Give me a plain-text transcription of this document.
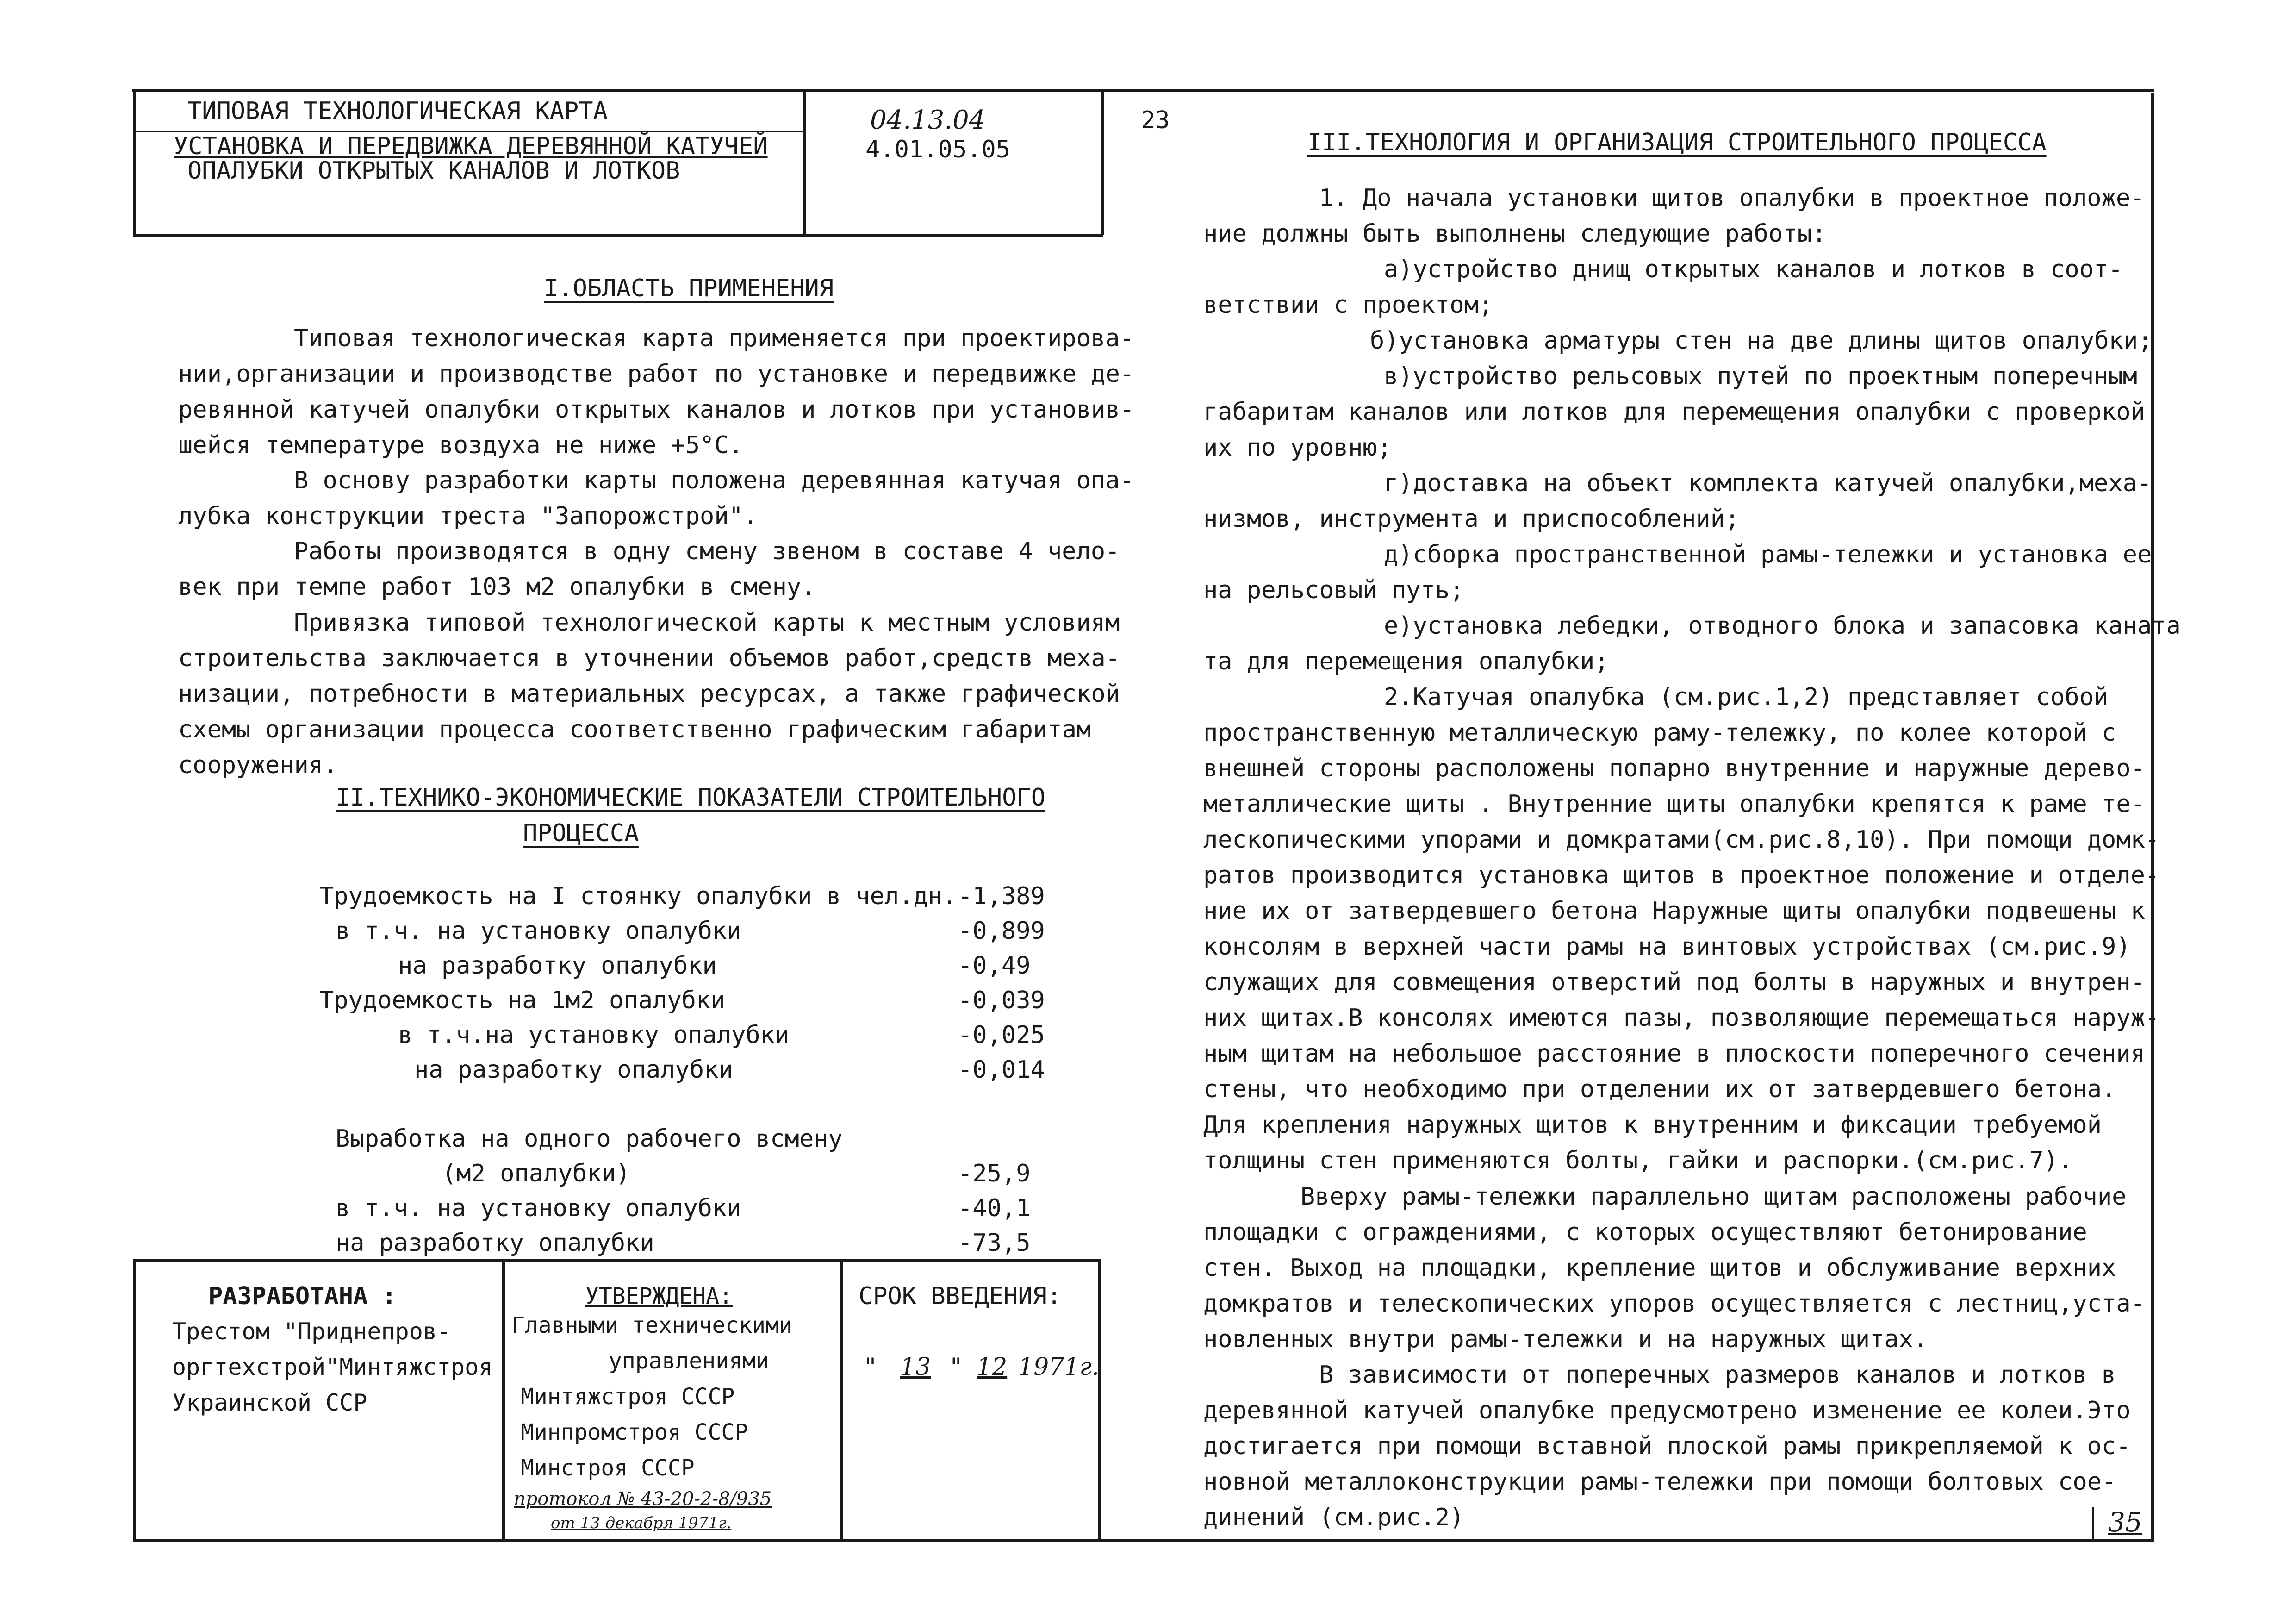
ТИПОВАЯ ТЕХНОЛОГИЧЕСКАЯ КАРТА
УСТАНОВКА И ПЕРЕДВИЖКА ДЕРЕВЯННОЙ КАТУЧЕЙ
ОПАЛУБКИ ОТКРЫТЫХ КАНАЛОВ И ЛОТКОВ
04.13.04
4.01.05.05
23
I.ОБЛАСТЬ ПРИМЕНЕНИЯ
Типовая технологическая карта применяется при проектирова-
нии,организации и производстве работ по установке и передвижке де-
ревянной катучей опалубки открытых каналов и лотков при установив-
шейся температуре воздуха не ниже +5°С.
В основу разработки карты положена деревянная катучая опа-
лубка конструкции треста "Запорожстрой".
Работы производятся в одну смену звеном в составе 4 чело-
век при темпе работ 103 м2 опалубки в смену.
Привязка типовой технологической карты к местным условиям
строительства заключается в уточнении объемов работ,средств меха-
низации, потребности в материальных ресурсах, а также графической
схемы организации процесса соответственно графическим габаритам
сооружения.
II.ТЕХНИКО-ЭКОНОМИЧЕСКИЕ ПОКАЗАТЕЛИ СТРОИТЕЛЬНОГО
ПРОЦЕССА
Трудоемкость на I стоянку опалубки в чел.дн. -1,389
в т.ч. на установку опалубки	-0,899
на разработку опалубки	-0,49
Трудоемкость на 1м2 опалубки	-0,039
в т.ч.на установку опалубки	-0,025
на разработку опалубки	-0,014
Выработка на одного рабочего всмену
(м2 опалубки)	-25,9
в т.ч. на установку опалубки	-40,1
на разработку опалубки	-73,5
РАЗРАБОТАНА :
Трестом "Приднепров-
оргтехстрой"Минтяжстроя
Украинской ССР
УТВЕРЖДЕНА:
Главными техническими
управлениями
Минтяжстроя СССР
Минпромстроя СССР
Минстроя СССР
протокол № 43-20-2-8/935
от 13 декабря 1971г.
СРОК ВВЕДЕНИЯ:
" 13 " 12 1971г.
III.ТЕХНОЛОГИЯ И ОРГАНИЗАЦИЯ СТРОИТЕЛЬНОГО ПРОЦЕССА
1. До начала установки щитов опалубки в проектное положе-
ние должны быть выполнены следующие работы:
а)устройство днищ открытых каналов и лотков в соот-
ветствии с проектом;
б)установка арматуры стен на две длины щитов опалубки;
в)устройство рельсовых путей по проектным поперечным
габаритам каналов или лотков для перемещения опалубки с проверкой
их по уровню;
г)доставка на объект комплекта катучей опалубки,меха-
низмов, инструмента и приспособлений;
д)сборка пространственной рамы-тележки и установка ее
на рельсовый путь;
е)установка лебедки, отводного блока и запасовка каната
та для перемещения опалубки;
2.Катучая опалубка (см.рис.1,2) представляет собой
пространственную металлическую раму-тележку, по колее которой с
внешней стороны расположены попарно внутренние и наружные дерево-
металлические щиты . Внутренние щиты опалубки крепятся к раме те-
лескопическими упорами и домкратами(см.рис.8,10). При помощи домк-
ратов производится установка щитов в проектное положение и отделе-
ние их от затвердевшего бетона Наружные щиты опалубки подвешены к
консолям в верхней части рамы на винтовых устройствах (см.рис.9)
служащих для совмещения отверстий под болты в наружных и внутрен-
них щитах.В консолях имеются пазы, позволяющие перемещаться наруж-
ным щитам на небольшое расстояние в плоскости поперечного сечения
стены, что необходимо при отделении их от затвердевшего бетона.
Для крепления наружных щитов к внутренним и фиксации требуемой
толщины стен применяются болты, гайки и распорки.(см.рис.7).
Вверху рамы-тележки параллельно щитам расположены рабочие
площадки с ограждениями, с которых осуществляют бетонирование
стен. Выход на площадки, крепление щитов и обслуживание верхних
домкратов и телескопических упоров осуществляется с лестниц,уста-
новленных внутри рамы-тележки и на наружных щитах.
В зависимости от поперечных размеров каналов и лотков в
деревянной катучей опалубке предусмотрено изменение ее колеи.Это
достигается при помощи вставной плоской рамы прикрепляемой к ос-
новной металлоконструкции рамы-тележки при помощи болтовых сое-
динений (см.рис.2)	35
